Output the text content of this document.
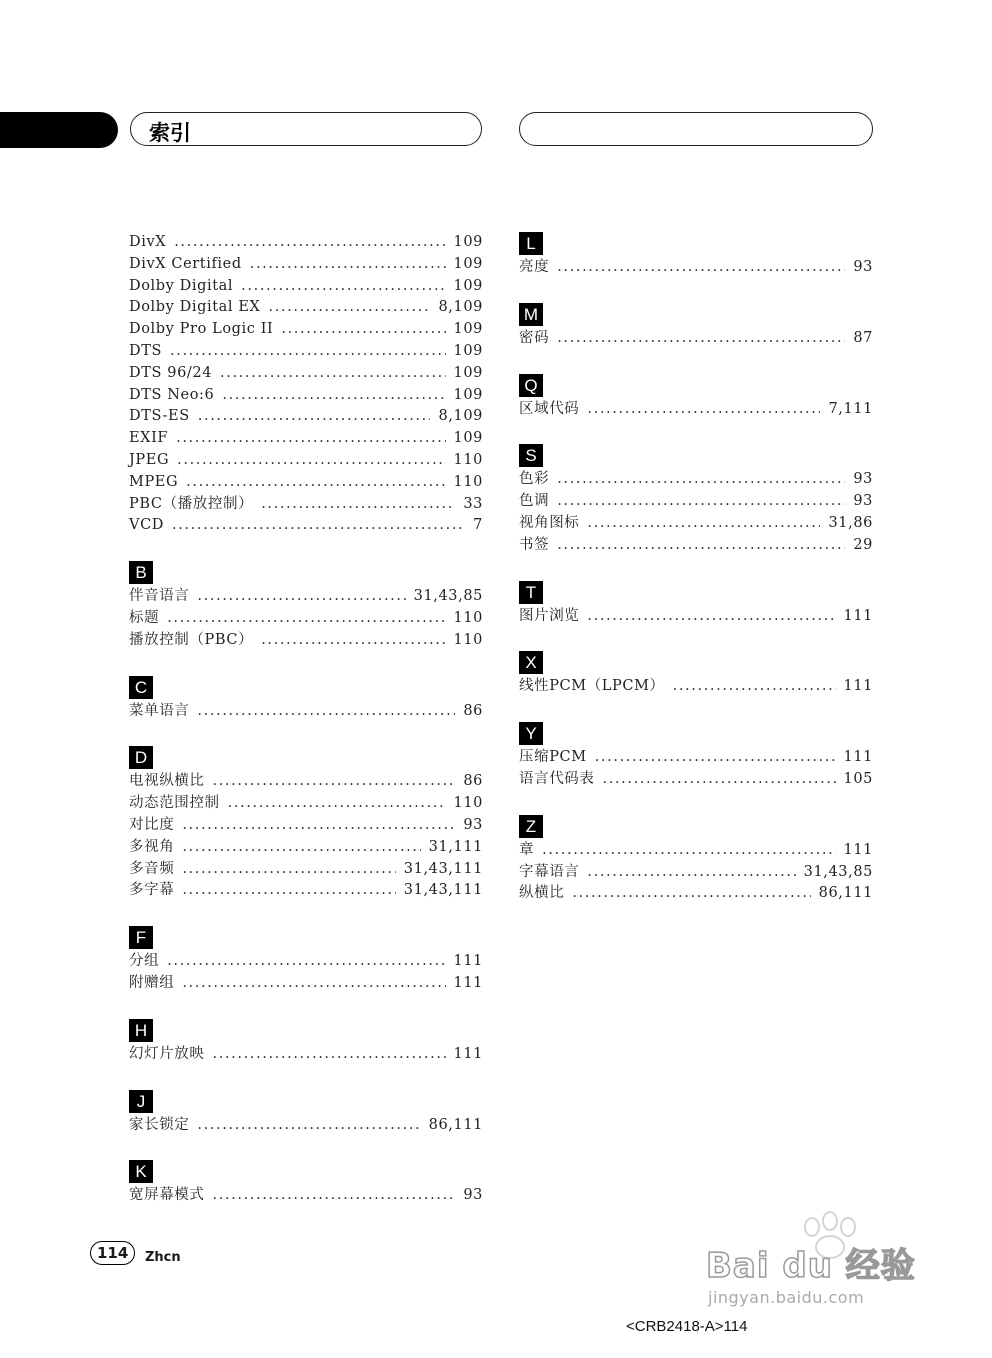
索引
DivX . . .	109
DivX Certified . . .	109
Dolby Digital . . .	109
Dolby Digital EX . . .	8,109
Dolby Pro Logic II . . .	109
DTS . . .	109
DTS 96/24 . . .	109
DTS Neo:6 . . .	109
DTS-ES . . .	8,109
EXIF . . .	109
JPEG . . .	110
MPEG . . .	110
PBC（播放控制） . . .	33
VCD . . .	7
B
伴音语言 . . .	31,43,85
标题 . . .	110
播放控制（PBC） . . .	110
C
菜单语言 . . .	86
D
电视纵横比 . . .	86
动态范围控制 . . .	110
对比度 . . .	93
多视角 . . .	31,111
多音频 . . .	31,43,111
多字幕 . . .	31,43,111
F
分组 . . .	111
附赠组 . . .	111
H
幻灯片放映 . . .	111
J
家长锁定 . . .	86,111
K
宽屏幕模式 . . .	93
L
亮度 . . .	93
M
密码 . . .	87
Q
区域代码 . . .	7,111
S
色彩 . . .	93
色调 . . .	93
视角图标 . . .	31,86
书签 . . .	29
T
图片浏览 . . .	111
X
线性PCM（LPCM） . . .	111
Y
压缩PCM . . .	111
语言代码表 . . .	105
Z
章 . . .	111
字幕语言 . . .	31,43,85
纵横比 . . .	86,111
114	Zhcn
<CRB2418-A>114
Bai du 经验
jingyan.baidu.com
